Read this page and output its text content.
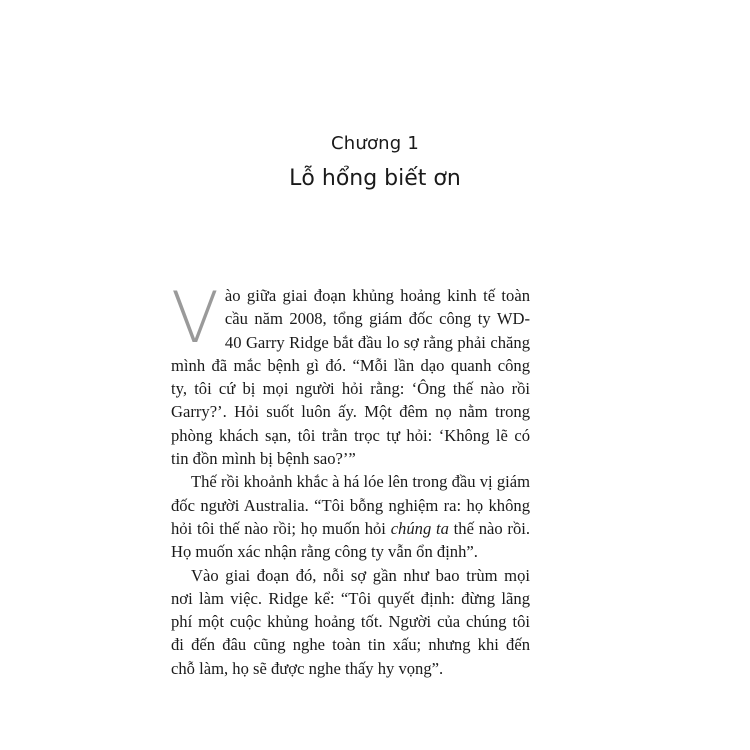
Chương 1
Lỗ hổng biết ơn

V ào giữa giai đoạn khủng hoảng kinh tế toàn
cầu năm 2008, tổng giám đốc công ty WD-
40 Garry Ridge bắt đầu lo sợ rằng phải chăng
mình đã mắc bệnh gì đó. “Mỗi lần dạo quanh công
ty, tôi cứ bị mọi người hỏi rằng: ‘Ông thế nào rồi
Garry?’. Hỏi suốt luôn ấy. Một đêm nọ nằm trong
phòng khách sạn, tôi trằn trọc tự hỏi: ‘Không lẽ có
tin đồn mình bị bệnh sao?’”

Thế rồi khoảnh khắc à há lóe lên trong đầu vị giám
đốc người Australia. “Tôi bỗng nghiệm ra: họ không
hỏi tôi thế nào rồi; họ muốn hỏi chúng ta thế nào rồi.
Họ muốn xác nhận rằng công ty vẫn ổn định”.

Vào giai đoạn đó, nỗi sợ gần như bao trùm mọi
nơi làm việc. Ridge kể: “Tôi quyết định: đừng lãng
phí một cuộc khủng hoảng tốt. Người của chúng tôi
đi đến đâu cũng nghe toàn tin xấu; nhưng khi đến
chỗ làm, họ sẽ được nghe thấy hy vọng”.
